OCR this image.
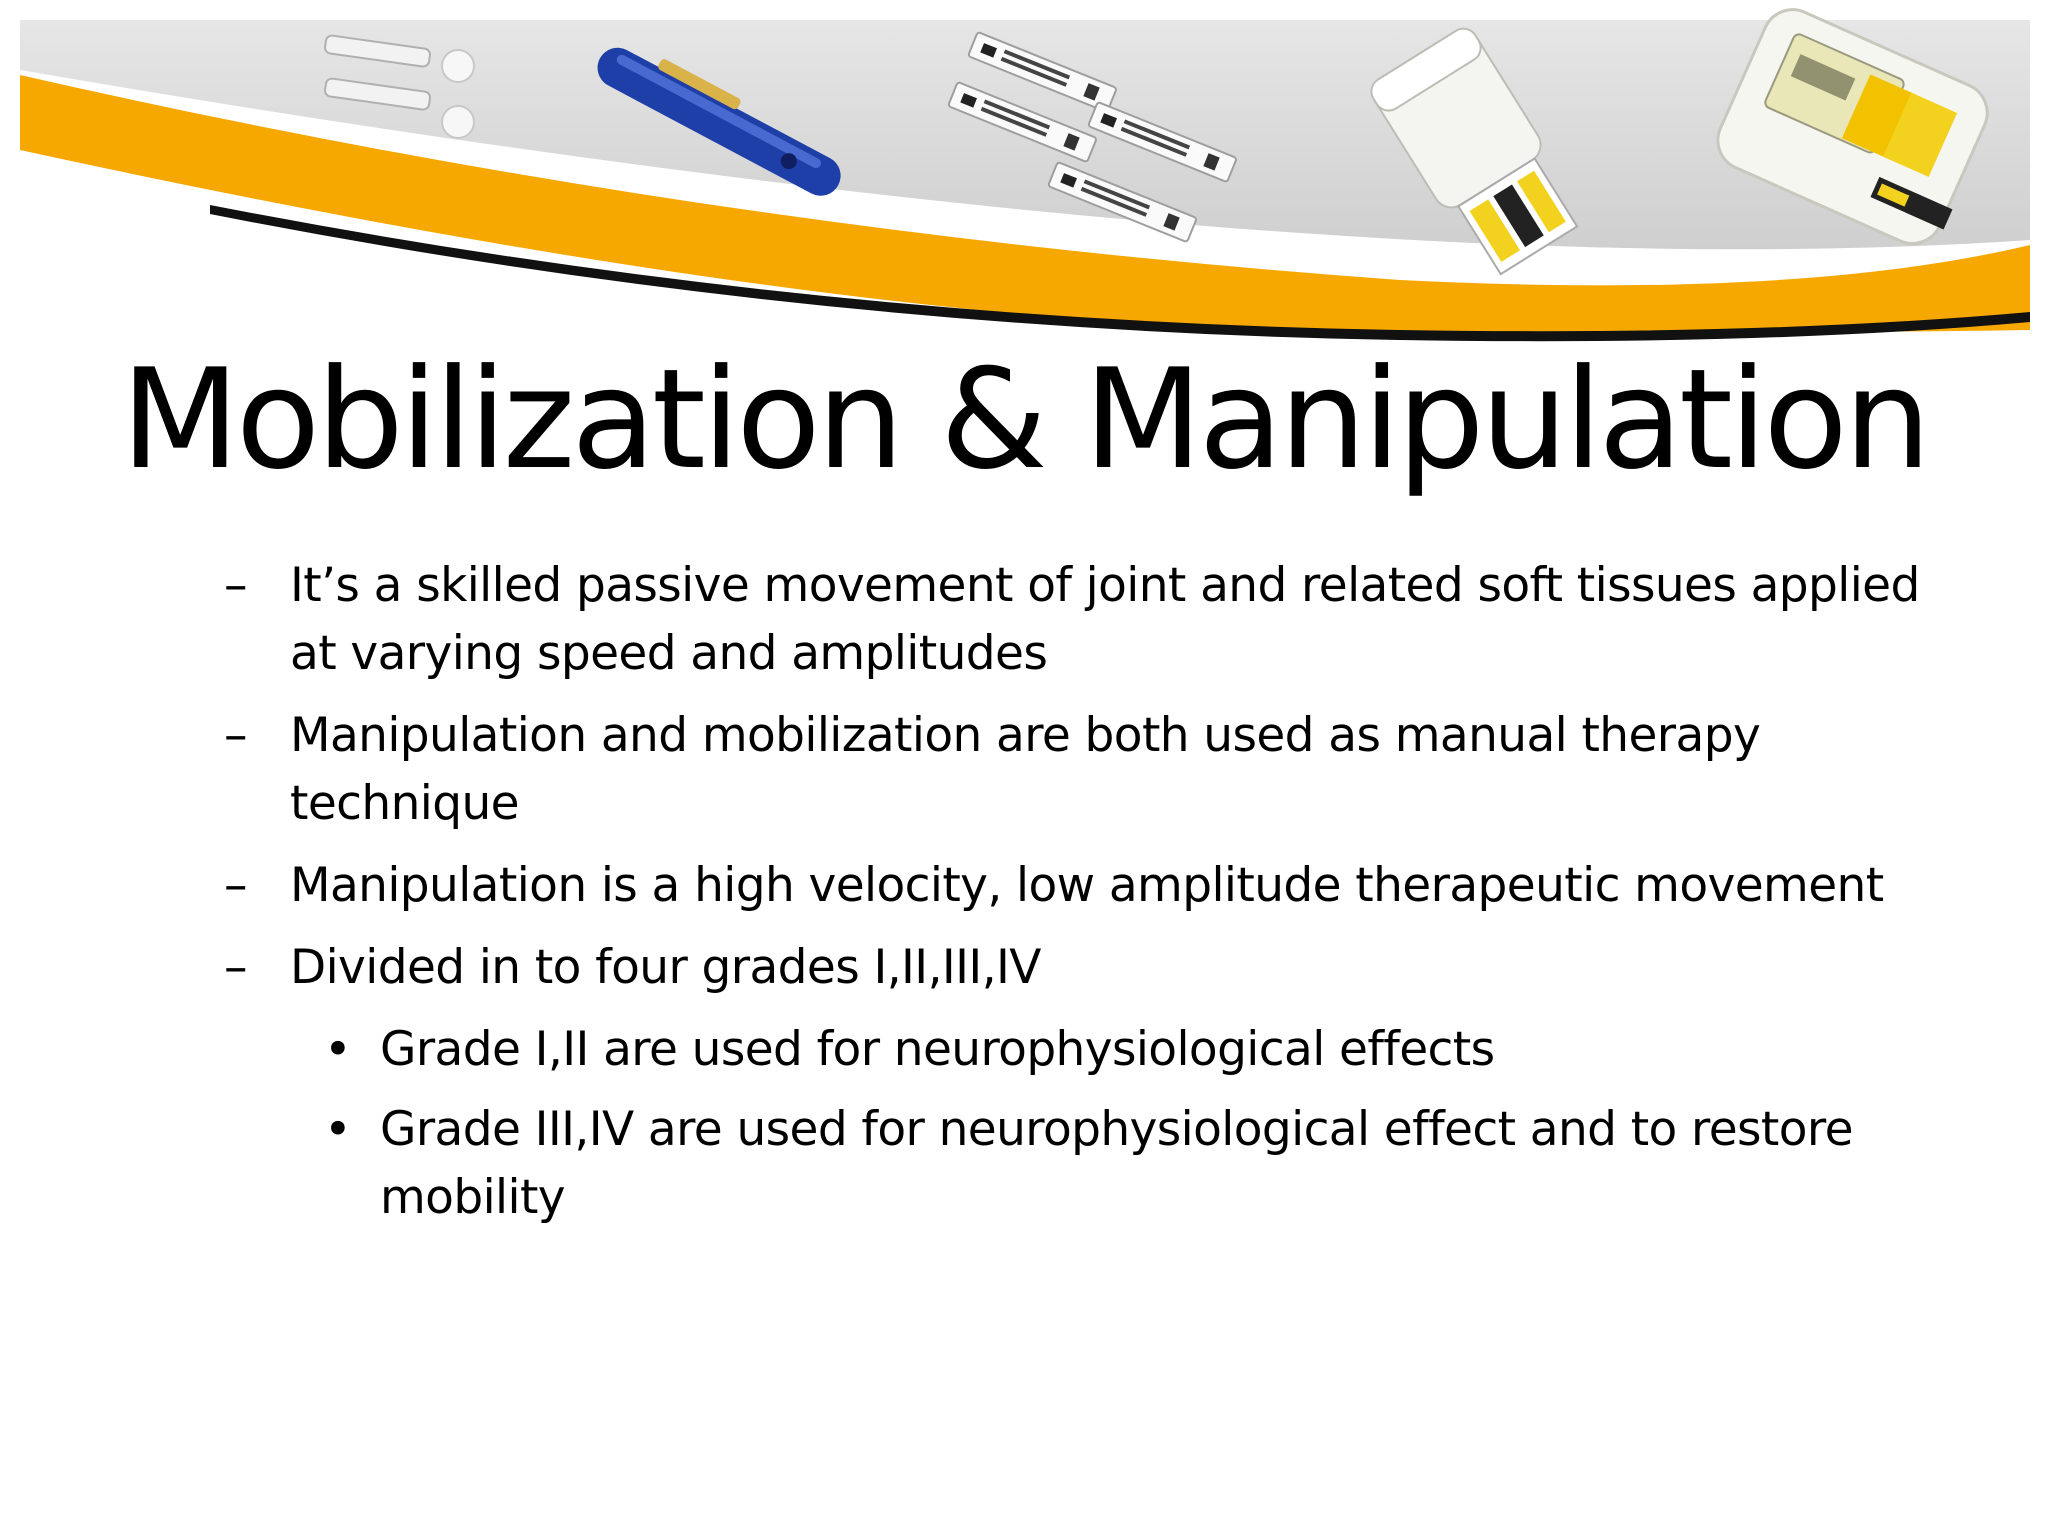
Mobilization & Manipulation
– It’s a skilled passive movement of joint and related soft tissues applied at varying speed and amplitudes
– Manipulation and mobilization are both used as manual therapy technique
– Manipulation is a high velocity, low amplitude therapeutic movement
– Divided in to four grades I,II,III,IV
• Grade I,II are used for neurophysiological effects
• Grade III,IV are used for neurophysiological effect and to restore mobility
